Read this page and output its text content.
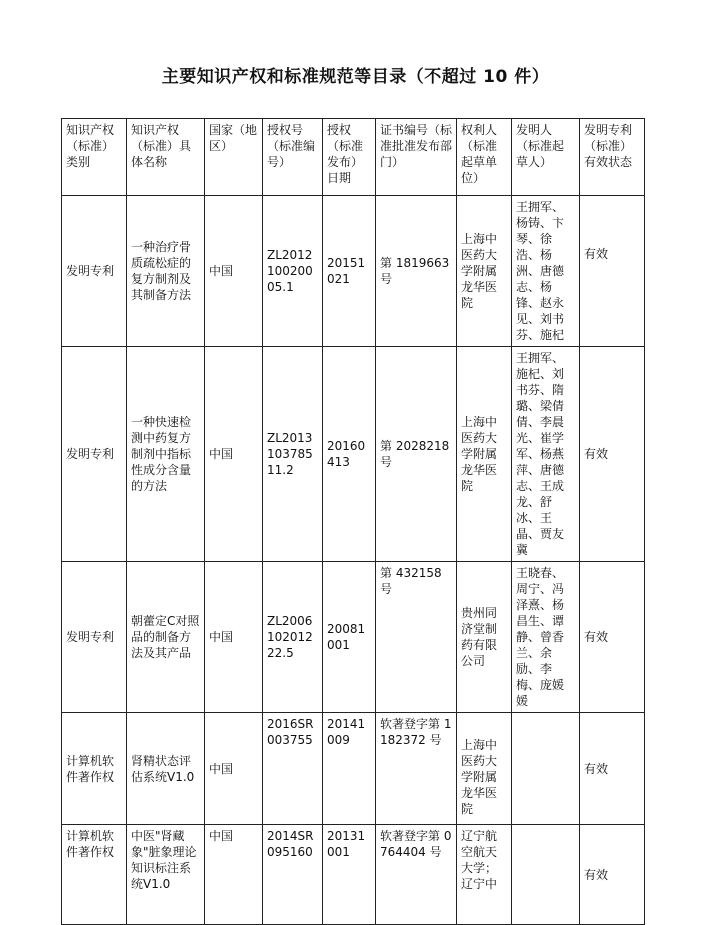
主要知识产权和标准规范等目录（不超过 10 件）
知识产权（标准）类别	知识产权（标准）具体名称	国家（地区）	授权号（标准编号）	授权（标准发布）日期	证书编号（标准批准发布部门）	权利人（标准起草单位）	发明人（标准起草人）	发明专利（标准）有效状态
发明专利	一种治疗骨质疏松症的复方制剂及其制备方法	中国	ZL201210020005.1	20151021	第 1819663 号	上海中医药大学附属龙华医院	王拥军、杨铸、卞琴、徐浩、杨洲、唐德志、杨锋、赵永见、刘书芬、施杞	有效
发明专利	一种快速检测中药复方制剂中指标性成分含量的方法	中国	ZL201310378511.2	20160413	第 2028218 号	上海中医药大学附属龙华医院	王拥军、施杞、刘书芬、隋璐、梁倩倩、李晨光、崔学军、杨燕萍、唐德志、王成龙、舒冰、王晶、贾友冀	有效
发明专利	朝藿定C对照品的制备方法及其产品	中国	ZL200610201222.5	20081001	第 432158 号	贵州同济堂制药有限公司	王晓春、周宁、冯泽熹、杨昌生、谭静、曾香兰、余励、李梅、庞媛媛	有效
计算机软件著作权	肾精状态评估系统V1.0	中国	2016SR003755	20141009	软著登字第 1182372 号	上海中医药大学附属龙华医院		有效
计算机软件著作权	中医"肾藏象"脏象理论知识标注系统V1.0	中国	2014SR095160	20131001	软著登字第 0764404 号	辽宁航空航天大学；辽宁中		有效
